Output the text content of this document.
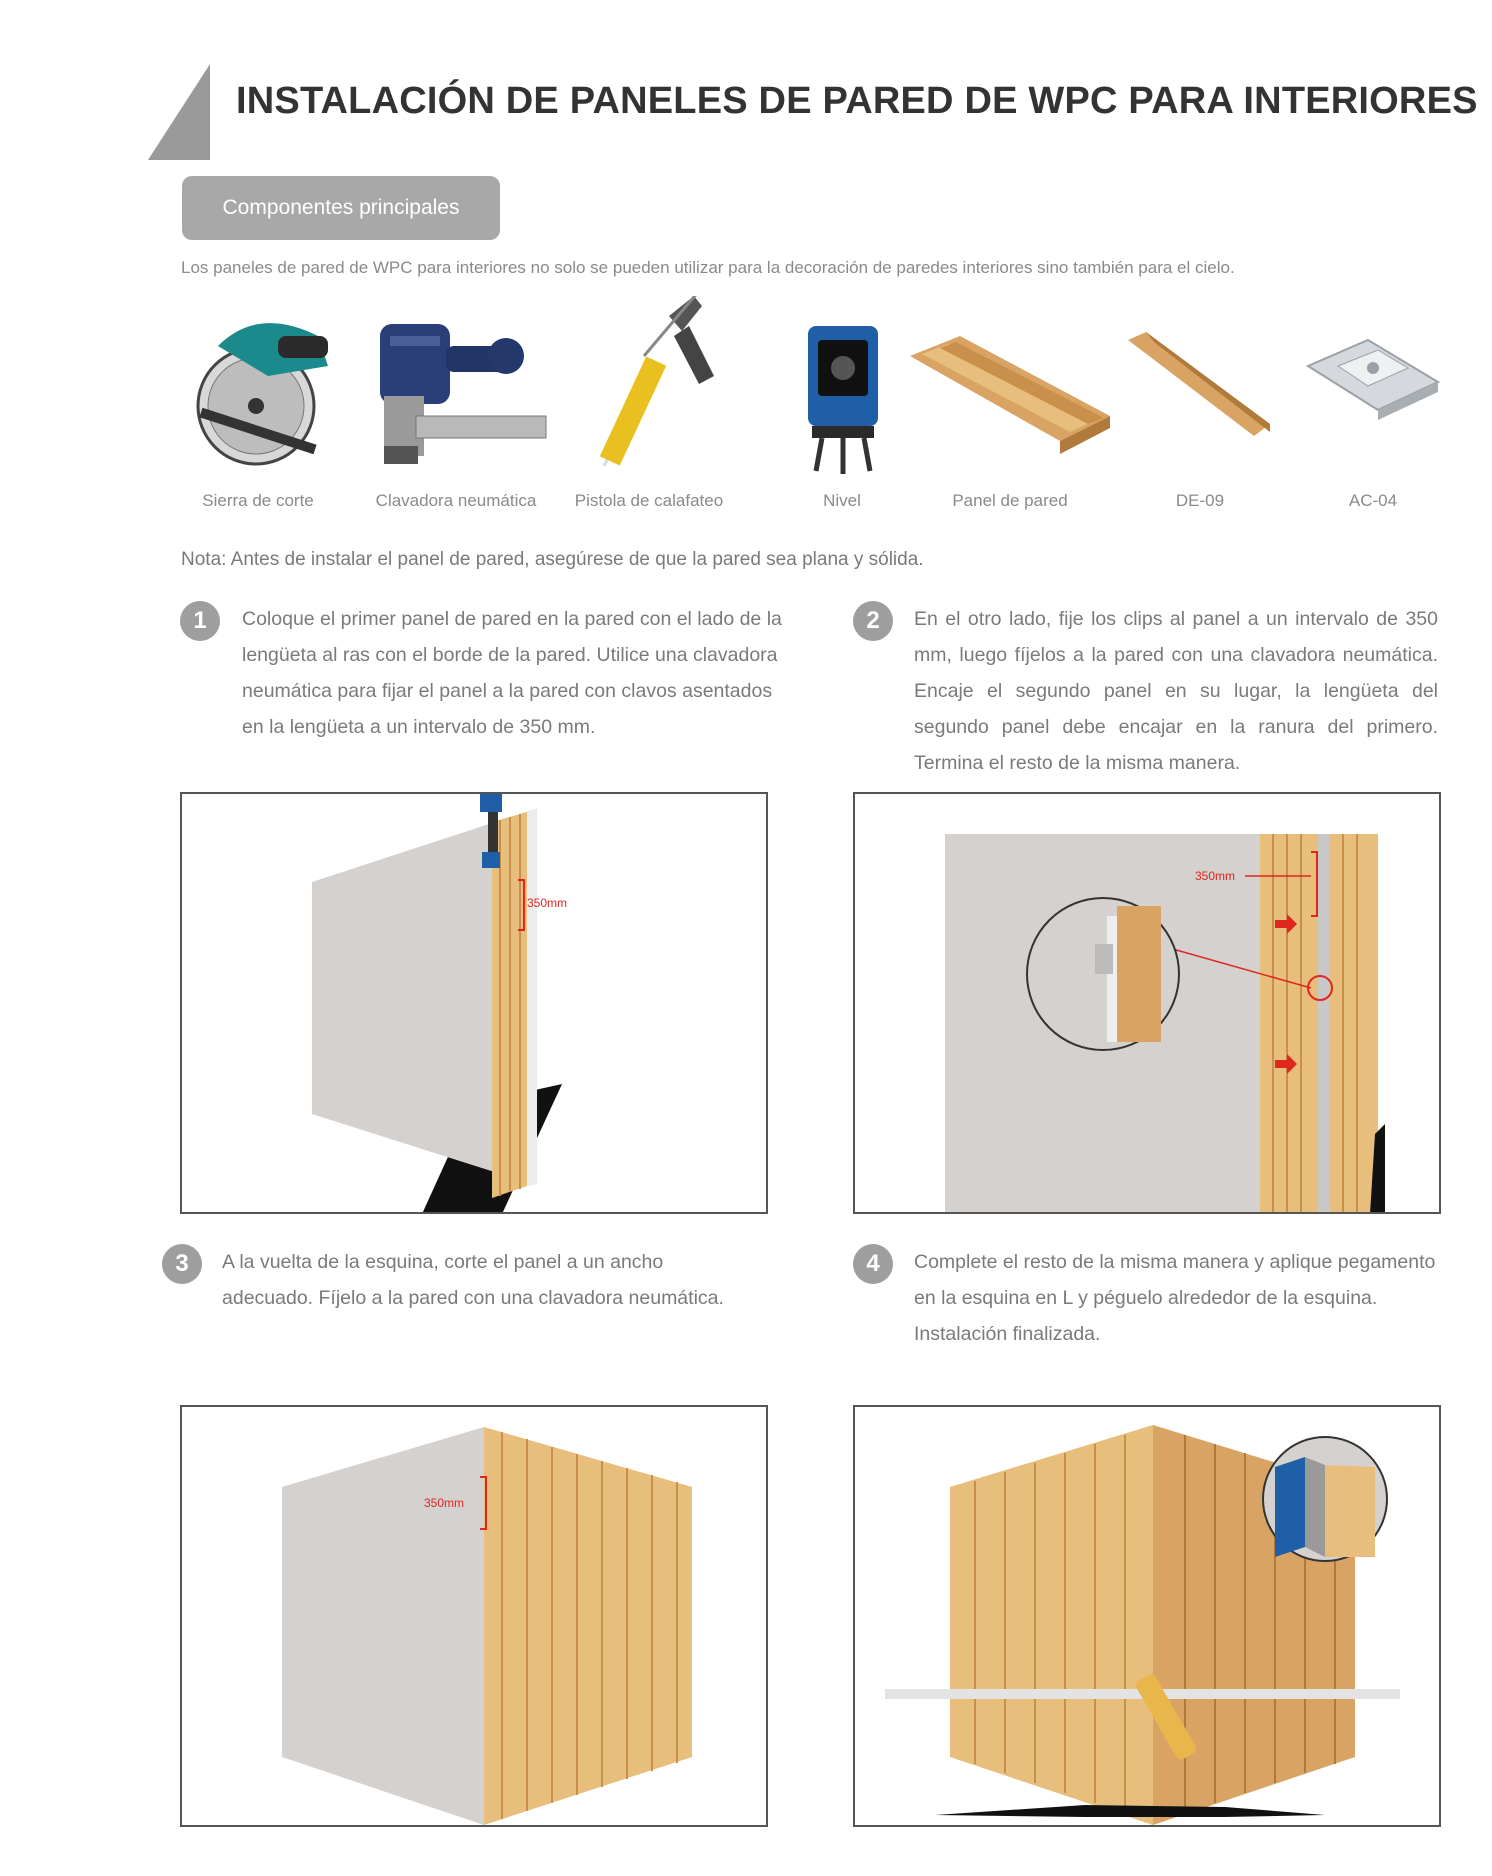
INSTALACIÓN DE PANELES DE PARED DE WPC PARA INTERIORES
Componentes principales
Los paneles de pared de WPC para interiores no solo se pueden utilizar para la decoración de paredes interiores sino también para el cielo.
Sierra de corte	Clavadora neumática	Pistola de calafateo	Nivel	Panel de pared	DE-09	AC-04
Nota: Antes de instalar el panel de pared, asegúrese de que la pared sea plana y sólida.
1	Coloque el primer panel de pared en la pared con el lado de la lengüeta al ras con el borde de la pared. Utilice una clavadora neumática para fijar el panel a la pared con clavos asentados en la lengüeta a un intervalo de 350 mm.
2	En el otro lado, fije los clips al panel a un intervalo de 350 mm, luego fíjelos a la pared con una clavadora neumática. Encaje el segundo panel en su lugar, la lengüeta del segundo panel debe encajar en la ranura del primero. Termina el resto de la misma manera.
3	A la vuelta de la esquina, corte el panel a un ancho adecuado. Fíjelo a la pared con una clavadora neumática.
4	Complete el resto de la misma manera y aplique pegamento en la esquina en L y péguelo alrededor de la esquina.
Instalación finalizada.
350mm
350mm
350mm
